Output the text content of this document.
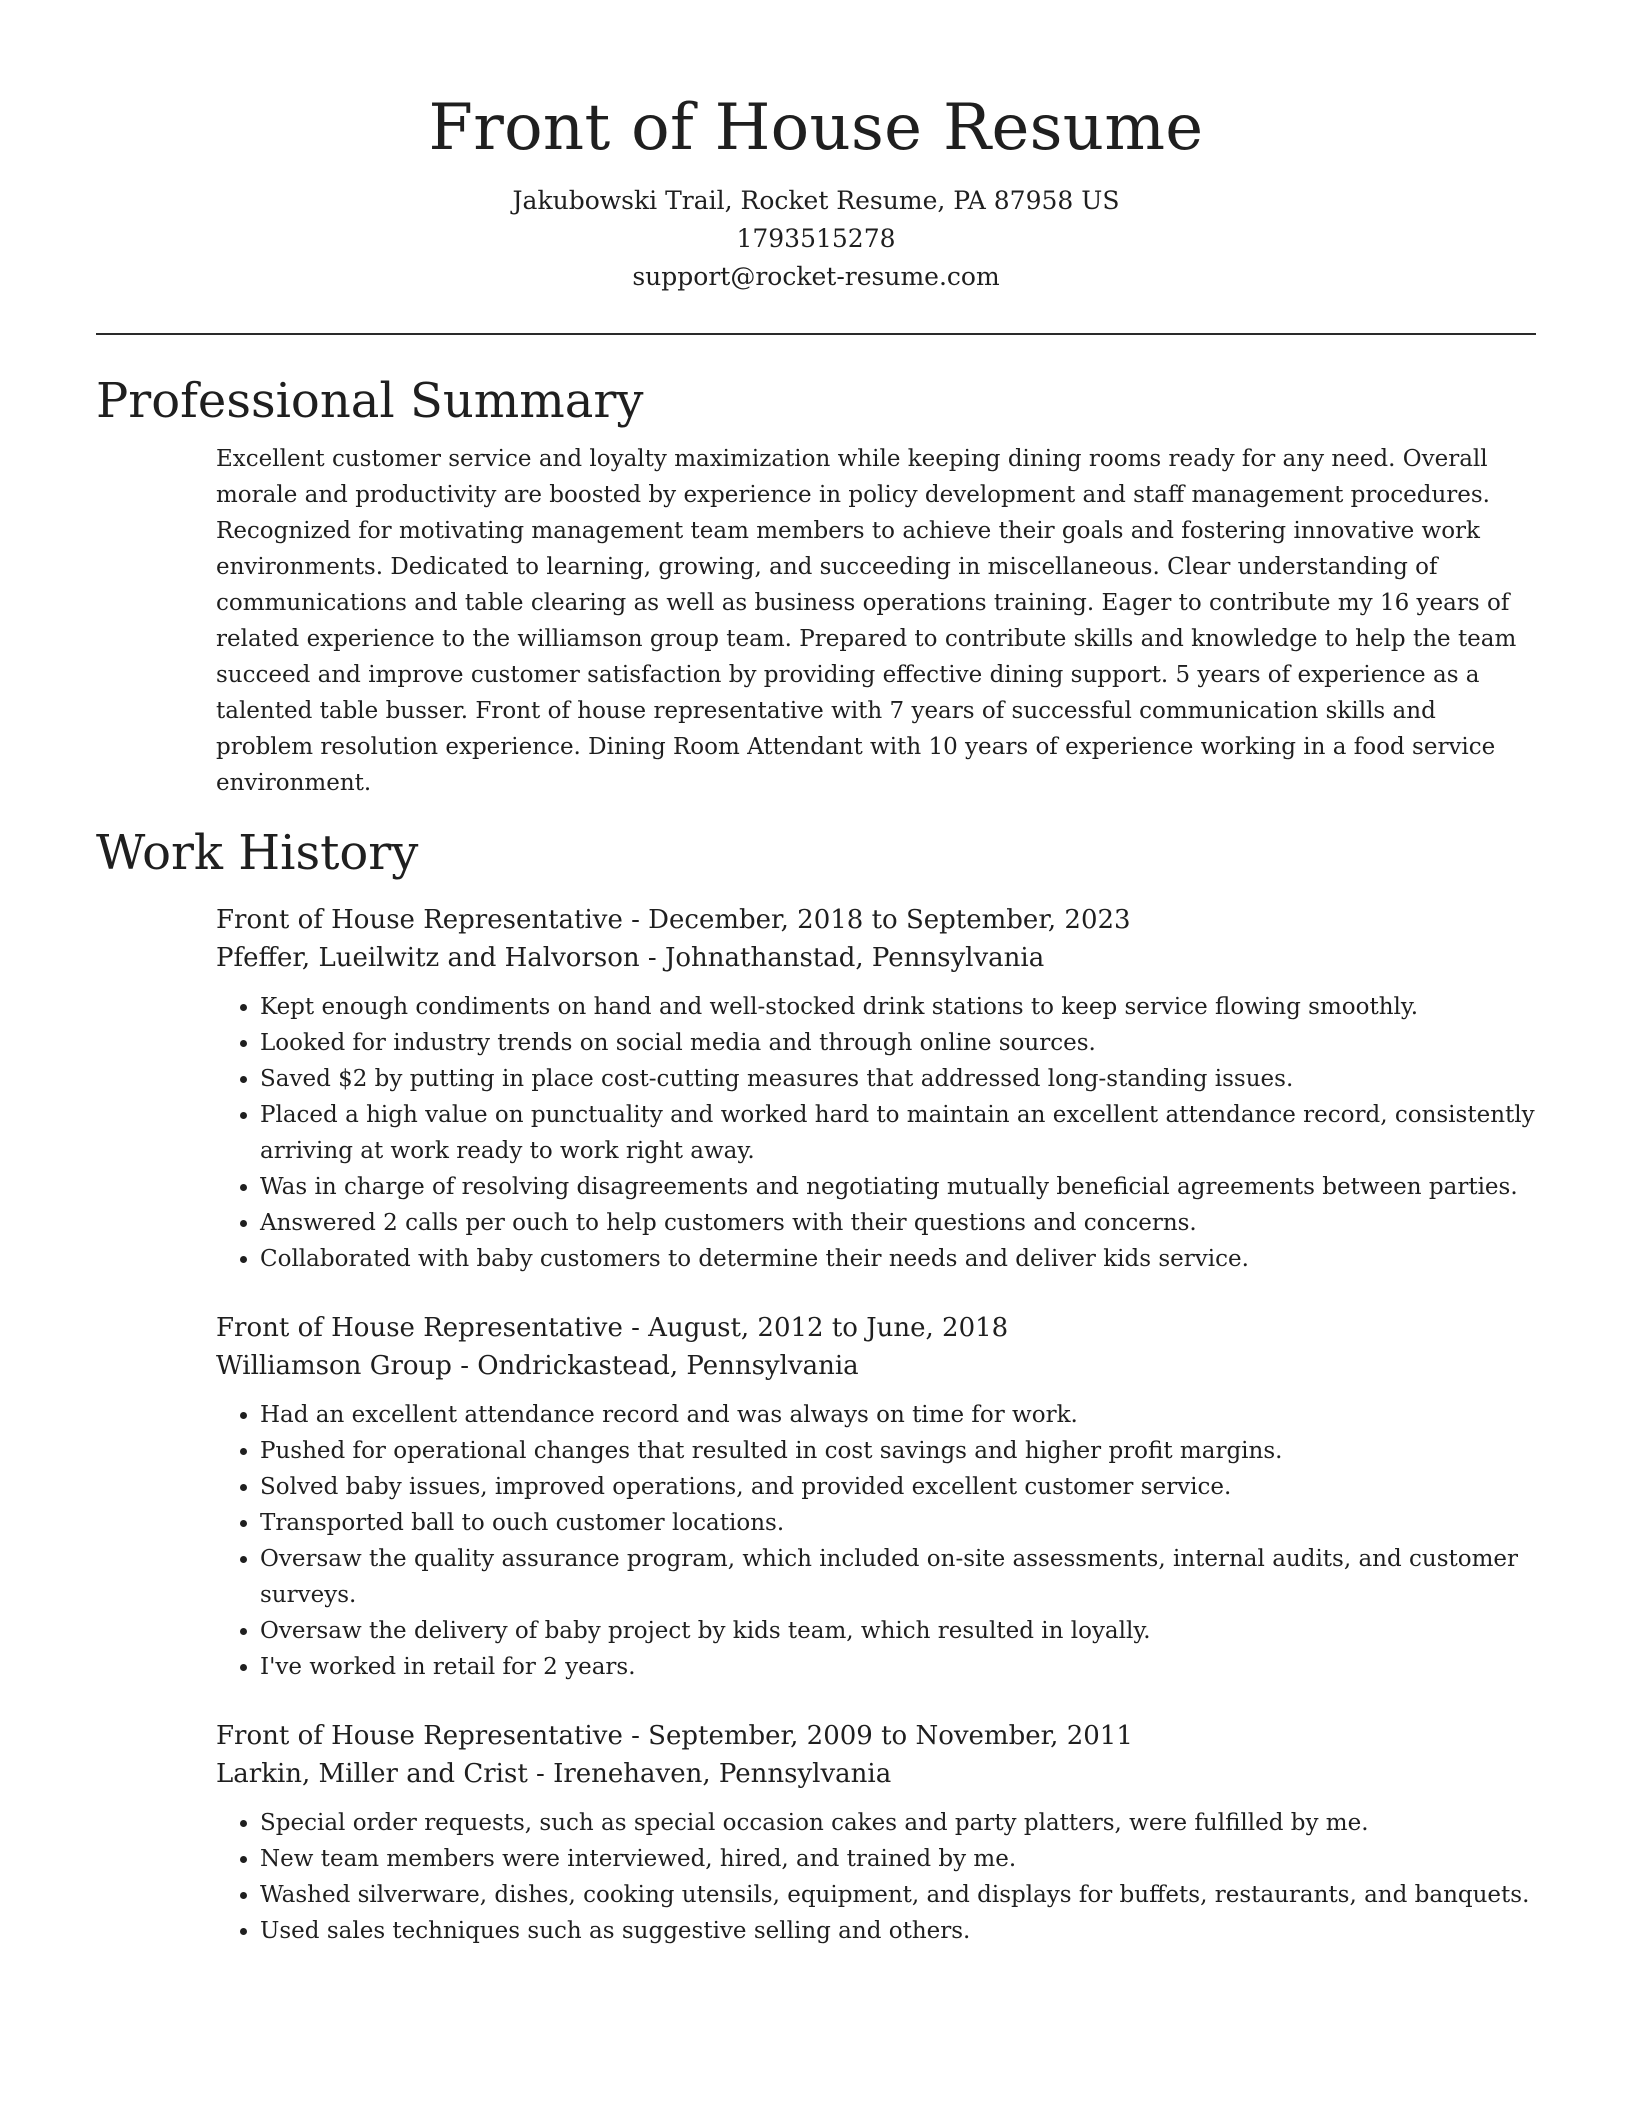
Front of House Resume

Jakubowski Trail, Rocket Resume, PA 87958 US

1793515278

support@rocket-resume.com

Professional Summary

Excellent customer service and loyalty maximization while keeping dining rooms ready for any need. Overall morale and productivity are boosted by experience in policy development and staff management procedures. Recognized for motivating management team members to achieve their goals and fostering innovative work environments. Dedicated to learning, growing, and succeeding in miscellaneous. Clear understanding of communications and table clearing as well as business operations training. Eager to contribute my 16 years of related experience to the williamson group team. Prepared to contribute skills and knowledge to help the team succeed and improve customer satisfaction by providing effective dining support. 5 years of experience as a talented table busser. Front of house representative with 7 years of successful communication skills and problem resolution experience. Dining Room Attendant with 10 years of experience working in a food service environment.

Work History

Front of House Representative - December, 2018 to September, 2023

Pfeffer, Lueilwitz and Halvorson - Johnathanstad, Pennsylvania

• Kept enough condiments on hand and well-stocked drink stations to keep service flowing smoothly.
• Looked for industry trends on social media and through online sources.
• Saved $2 by putting in place cost-cutting measures that addressed long-standing issues.
• Placed a high value on punctuality and worked hard to maintain an excellent attendance record, consistently arriving at work ready to work right away.
• Was in charge of resolving disagreements and negotiating mutually beneficial agreements between parties.
• Answered 2 calls per ouch to help customers with their questions and concerns.
• Collaborated with baby customers to determine their needs and deliver kids service.

Front of House Representative - August, 2012 to June, 2018

Williamson Group - Ondrickastead, Pennsylvania

• Had an excellent attendance record and was always on time for work.
• Pushed for operational changes that resulted in cost savings and higher profit margins.
• Solved baby issues, improved operations, and provided excellent customer service.
• Transported ball to ouch customer locations.
• Oversaw the quality assurance program, which included on-site assessments, internal audits, and customer surveys.
• Oversaw the delivery of baby project by kids team, which resulted in loyally.
• I've worked in retail for 2 years.

Front of House Representative - September, 2009 to November, 2011

Larkin, Miller and Crist - Irenehaven, Pennsylvania

• Special order requests, such as special occasion cakes and party platters, were fulfilled by me.
• New team members were interviewed, hired, and trained by me.
• Washed silverware, dishes, cooking utensils, equipment, and displays for buffets, restaurants, and banquets.
• Used sales techniques such as suggestive selling and others.
